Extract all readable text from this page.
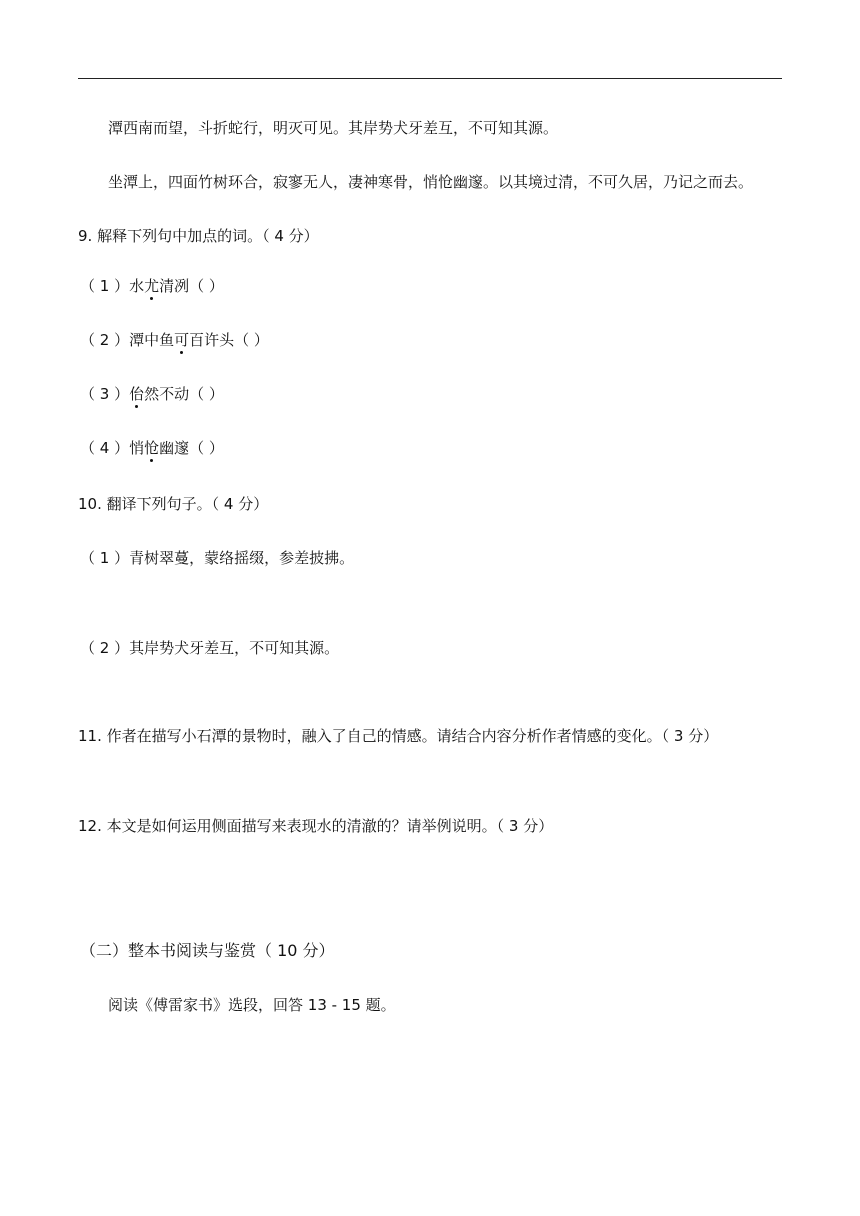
潭西南而望，斗折蛇行，明灭可见。其岸势犬牙差互，不可知其源。
坐潭上，四面竹树环合，寂寥无人，凄神寒骨，悄怆幽邃。以其境过清，不可久居，乃记之而去。
9. 解释下列句中加点的词。（ 4 分）
（ 1 ）水尤清冽（ ）
（ 2 ）潭中鱼可百许头（ ）
（ 3 ）佁然不动（ ）
（ 4 ）悄怆幽邃（ ）
10. 翻译下列句子。（ 4 分）
（ 1 ）青树翠蔓，蒙络摇缀，参差披拂。
（ 2 ）其岸势犬牙差互，不可知其源。
11. 作者在描写小石潭的景物时，融入了自己的情感。请结合内容分析作者情感的变化。（ 3 分）
12. 本文是如何运用侧面描写来表现水的清澈的？请举例说明。（ 3 分）
（二）整本书阅读与鉴赏（ 10 分）
阅读《傅雷家书》选段，回答 13 - 15 题。
